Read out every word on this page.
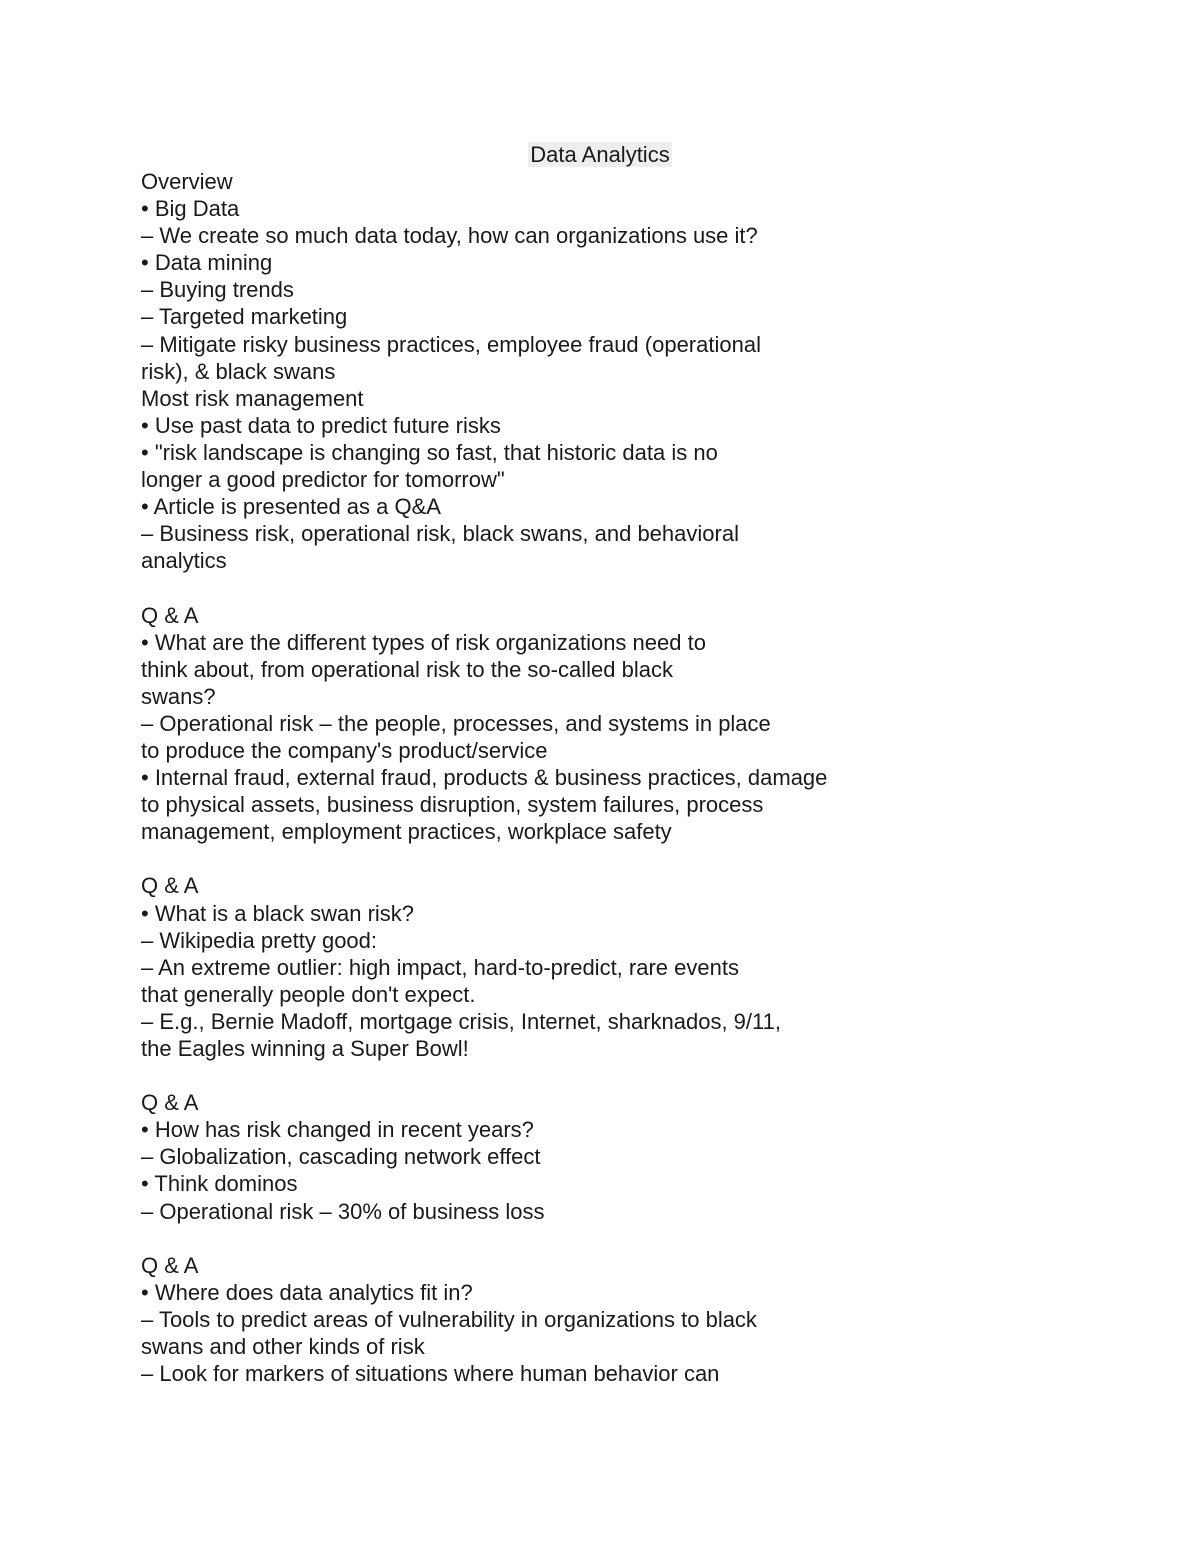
Data Analytics
Overview
• Big Data
– We create so much data today, how can organizations use it?
• Data mining
– Buying trends
– Targeted marketing
– Mitigate risky business practices, employee fraud (operational
risk), & black swans
Most risk management
• Use past data to predict future risks
• "risk landscape is changing so fast, that historic data is no
longer a good predictor for tomorrow"
• Article is presented as a Q&A
– Business risk, operational risk, black swans, and behavioral
analytics
Q & A
• What are the different types of risk organizations need to
think about, from operational risk to the so-called black
swans?
– Operational risk – the people, processes, and systems in place
to produce the company's product/service
• Internal fraud, external fraud, products & business practices, damage
to physical assets, business disruption, system failures, process
management, employment practices, workplace safety
Q & A
• What is a black swan risk?
– Wikipedia pretty good:
– An extreme outlier: high impact, hard-to-predict, rare events
that generally people don't expect.
– E.g., Bernie Madoff, mortgage crisis, Internet, sharknados, 9/11,
the Eagles winning a Super Bowl!
Q & A
• How has risk changed in recent years?
– Globalization, cascading network effect
• Think dominos
– Operational risk – 30% of business loss
Q & A
• Where does data analytics fit in?
– Tools to predict areas of vulnerability in organizations to black
swans and other kinds of risk
– Look for markers of situations where human behavior can
